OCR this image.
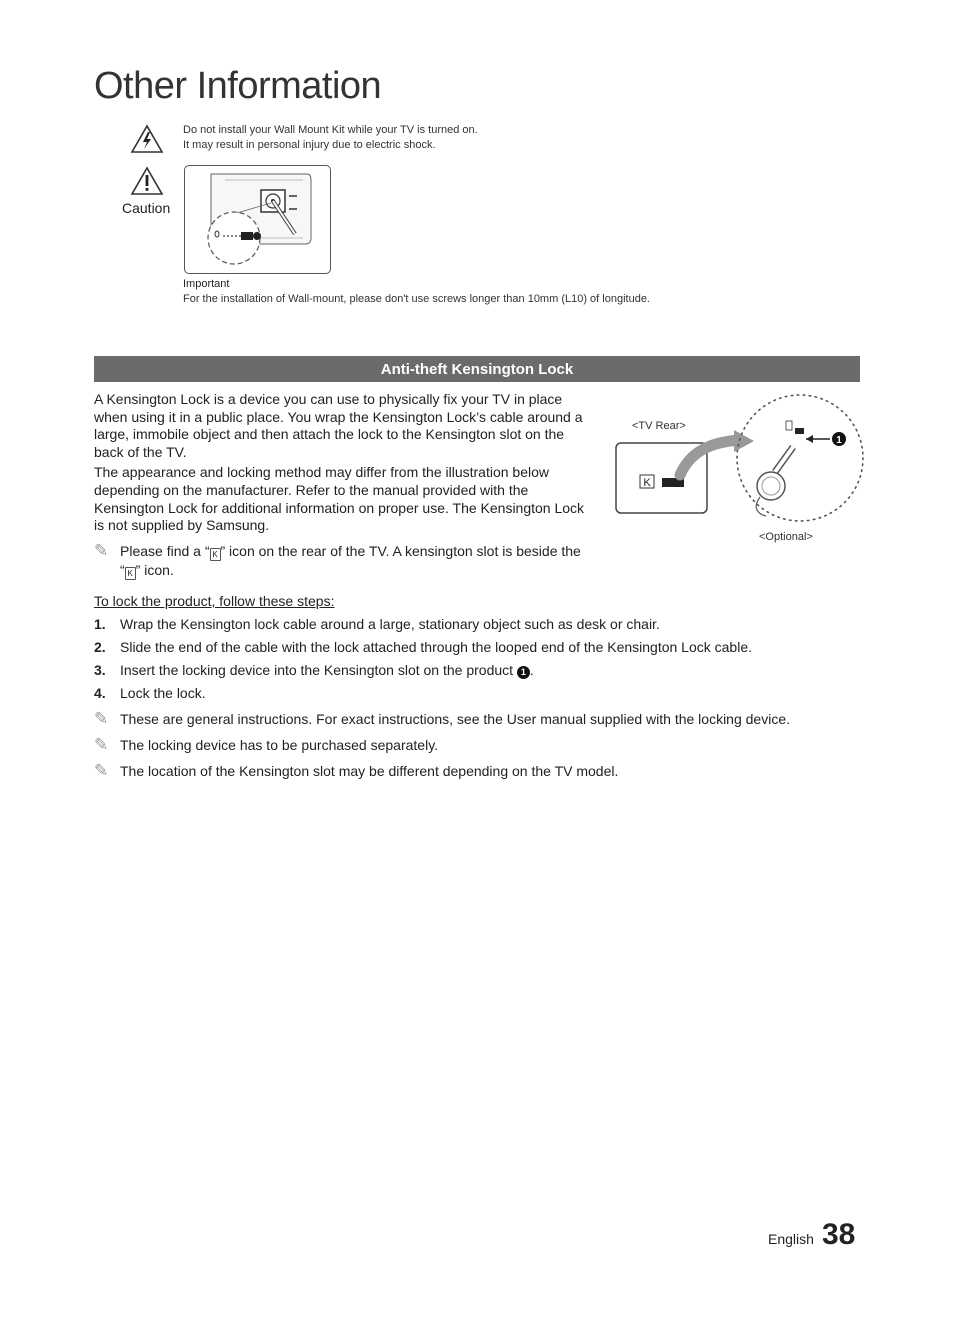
Other Information
Do not install your Wall Mount Kit while your TV is turned on.
It may result in personal injury due to electric shock.
Caution
Important
For the installation of Wall-mount, please don't use screws longer than 10mm (L10) of longitude.
Anti-theft Kensington Lock

A Kensington Lock is a device you can use to physically fix your TV in place when using it in a public place. You wrap the Kensington Lock’s cable around a large, immobile object and then attach the lock to the Kensington slot on the back of the TV.

The appearance and locking method may differ from the illustration below depending on the manufacturer. Refer to the manual provided with the Kensington Lock for additional information on proper use. The Kensington Lock is not supplied by Samsung.

✎ Please find a “ K ” icon on the rear of the TV. A kensington slot is beside the
“ K ” icon.
<TV Rear>
<Optional>
K
1
To lock the product, follow these steps:
1. Wrap the Kensington lock cable around a large, stationary object such as desk or chair.
2. Slide the end of the cable with the lock attached through the looped end of the Kensington Lock cable.
3. Insert the locking device into the Kensington slot on the product 1 .
4. Lock the lock.
✎ These are general instructions. For exact instructions, see the User manual supplied with the locking device.
✎ The locking device has to be purchased separately.
✎ The location of the Kensington slot may be different depending on the TV model.
English 38
